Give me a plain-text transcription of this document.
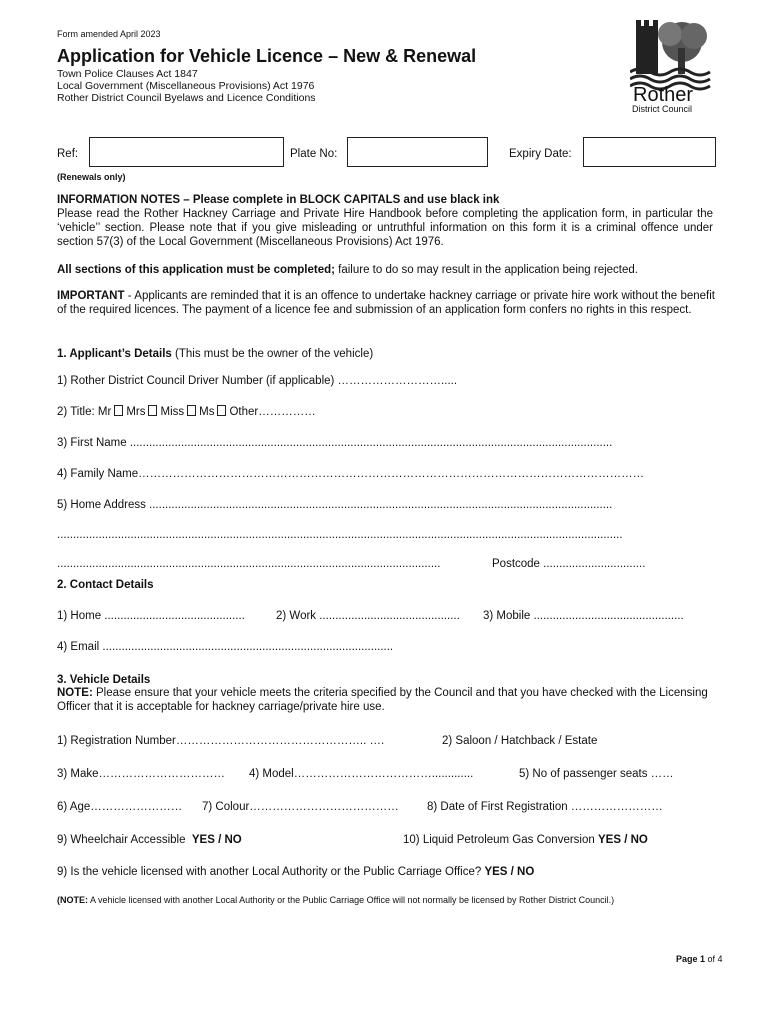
Form amended April 2023
Application for Vehicle Licence – New & Renewal
Town Police Clauses Act 1847
Local Government (Miscellaneous Provisions) Act 1976
Rother District Council Byelaws and Licence Conditions	Rother
District Council
Ref:	Plate No:	Expiry Date:
(Renewals only)
INFORMATION NOTES – Please complete in BLOCK CAPITALS and use black ink
Please read the Rother Hackney Carriage and Private Hire Handbook before completing the application form, in particular the ‘vehicle’’ section. Please note that if you give misleading or untruthful information on this form it is a criminal offence under section 57(3) of the Local Government (Miscellaneous Provisions) Act 1976.
All sections of this application must be completed; failure to do so may result in the application being rejected.
IMPORTANT - Applicants are reminded that it is an offence to undertake hackney carriage or private hire work without the benefit of the required licences. The payment of a licence fee and submission of an application form confers no rights in this respect.
1. Applicant’s Details (This must be the owner of the vehicle)
1) Rother District Council Driver Number (if applicable) ……………………….....
2) Title: Mr Mrs Miss Ms Other……………
3) First Name .......................................................................................................................................................
4) Family Name……………………………………………………………………………………………………………………
5) Home Address .................................................................................................................................................
.................................................................................................................................................................................
........................................................................................................................	Postcode ................................
2. Contact Details
1) Home ............................................	2) Work ............................................ 3) Mobile ...............................................
4) Email ...........................................................................................
3. Vehicle Details
NOTE: Please ensure that your vehicle meets the criteria specified by the Council and that you have checked with the Licensing Officer that it is acceptable for hackney carriage/private hire use.
1) Registration Number………………………………………….. ….	2) Saloon / Hatchback / Estate
3) Make…………………………… 4) Model……………………………….............	5) No of passenger seats ……
6) Age…………………… 7) Colour………………………………… 8) Date of First Registration ……………………
9) Wheelchair Accessible YES / NO	10) Liquid Petroleum Gas Conversion YES / NO
9) Is the vehicle licensed with another Local Authority or the Public Carriage Office? YES / NO
(NOTE: A vehicle licensed with another Local Authority or the Public Carriage Office will not normally be licensed by Rother District Council.)
Page 1 of 4
